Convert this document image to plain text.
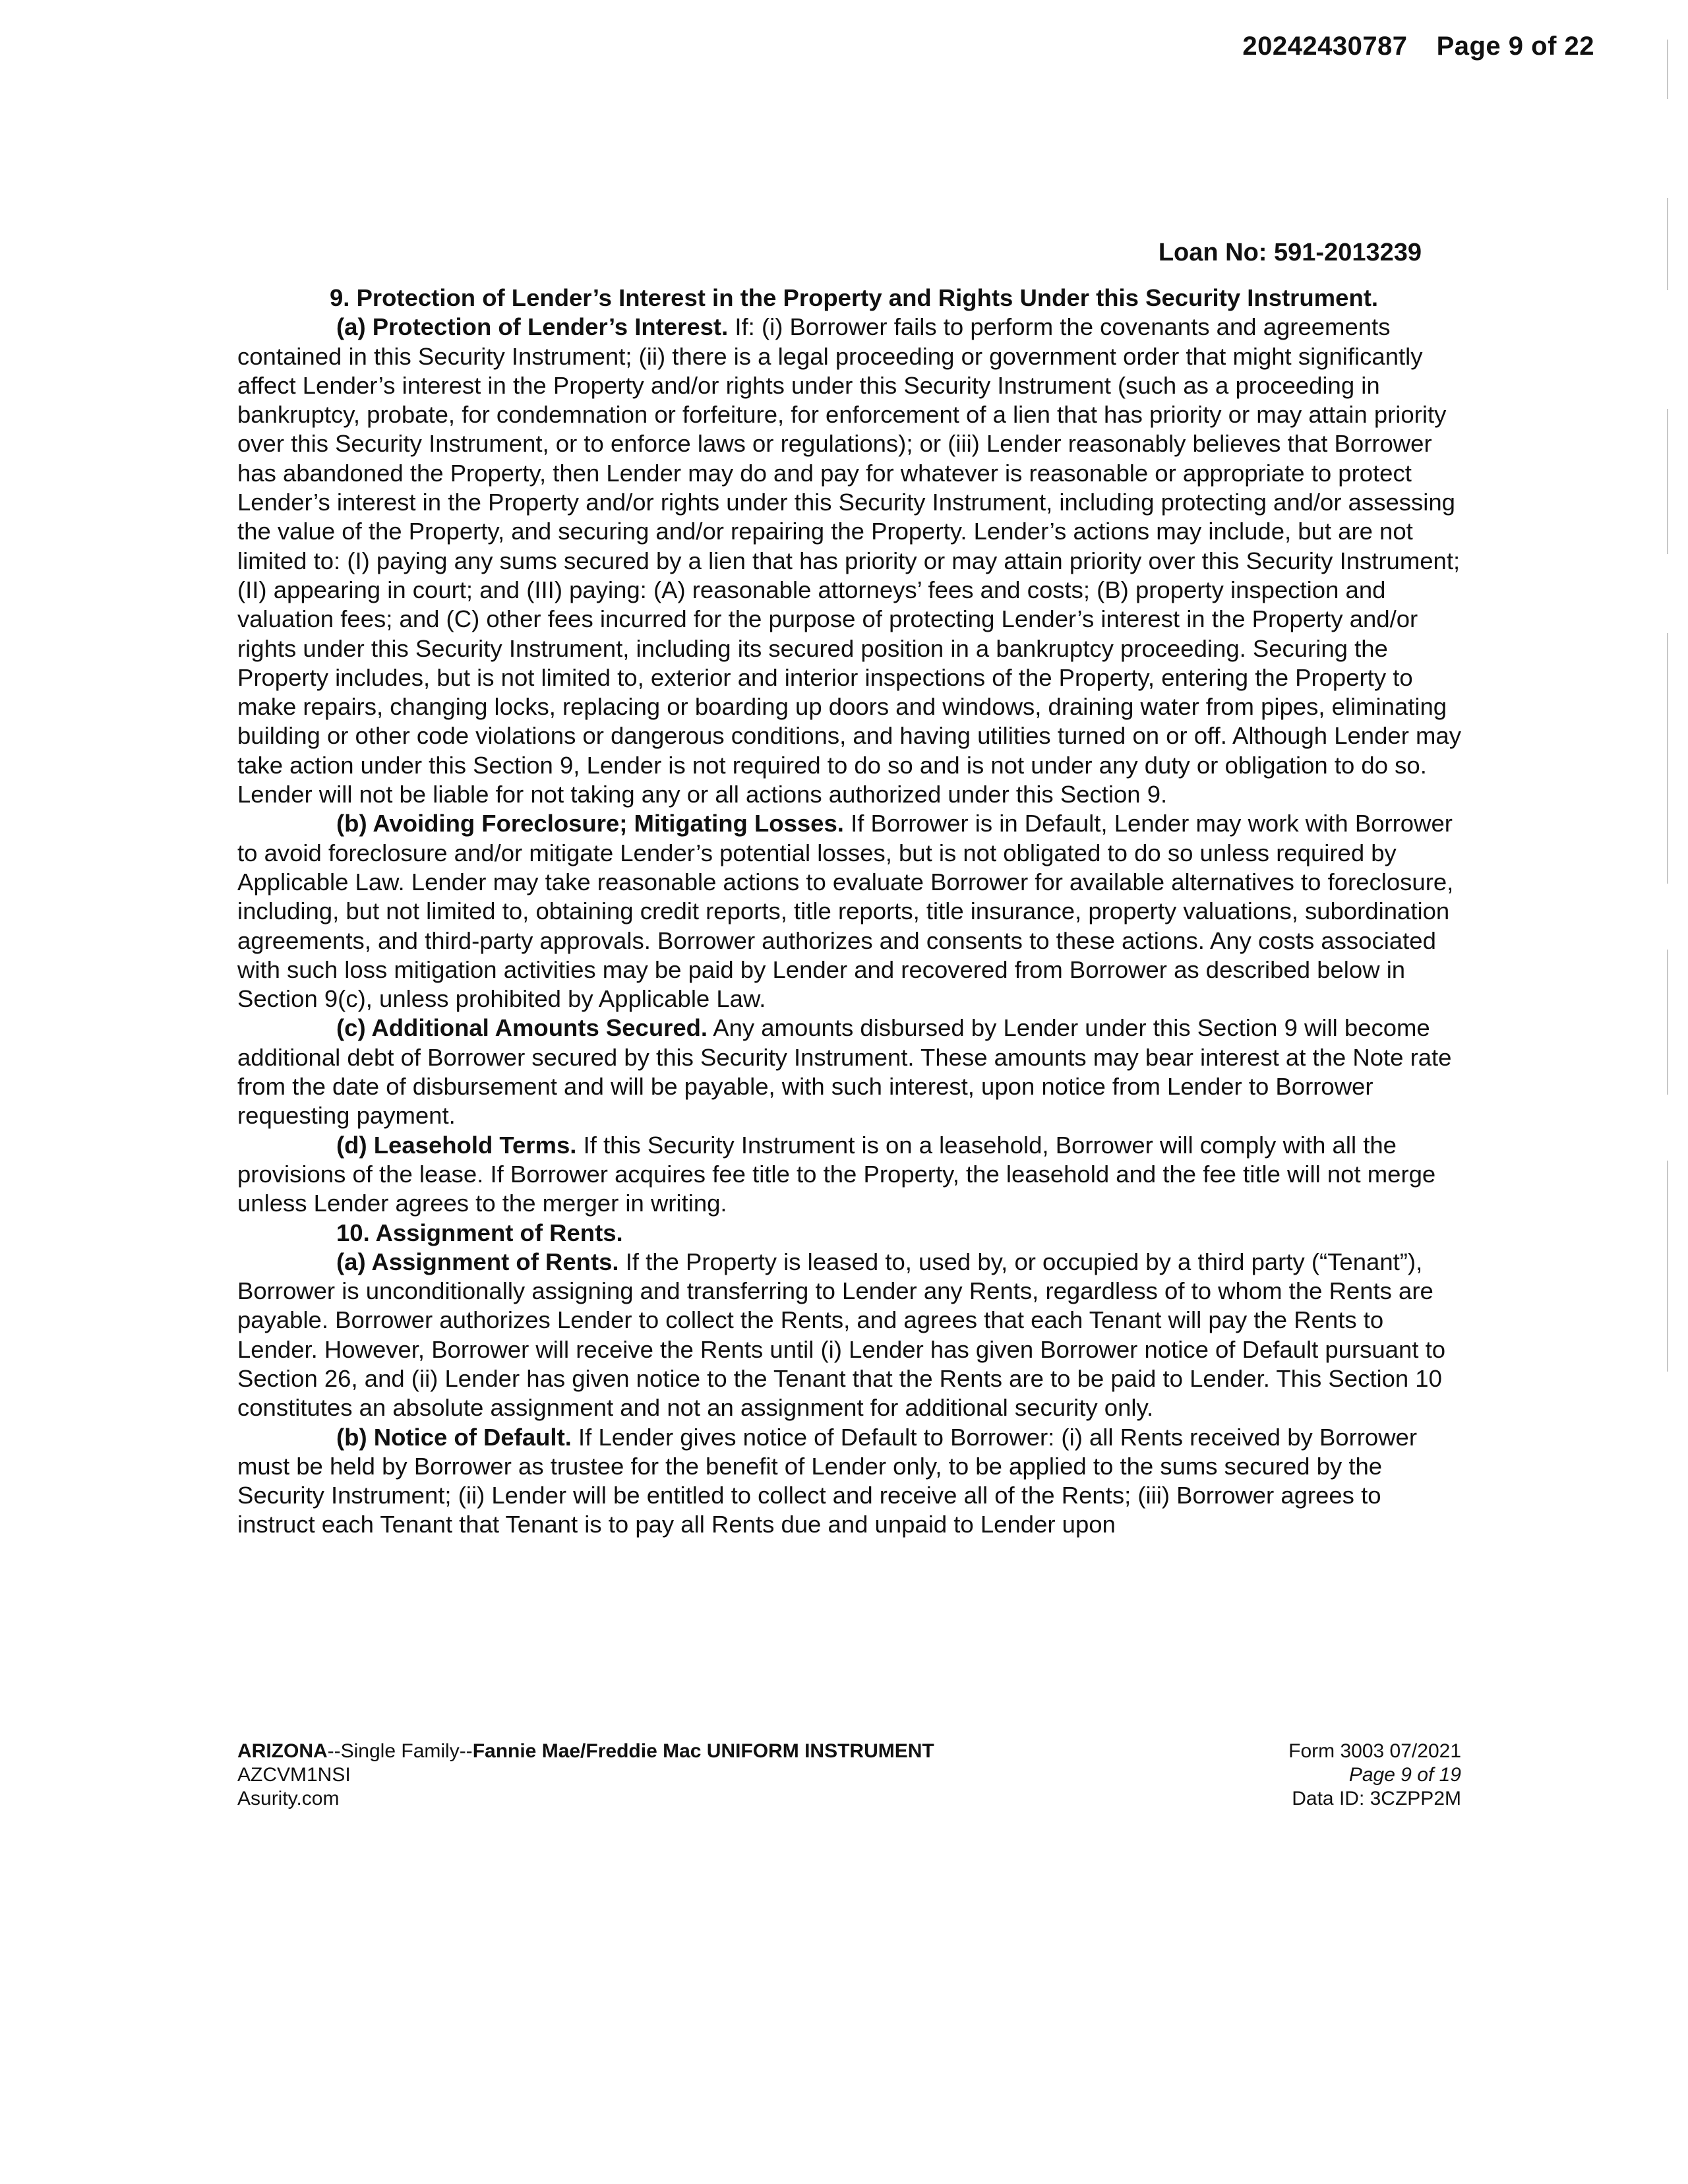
20242430787 Page 9 of 22
Loan No: 591-2013239

9. Protection of Lender’s Interest in the Property and Rights Under this Security Instrument.

(a) Protection of Lender’s Interest. If: (i) Borrower fails to perform the covenants and agreements contained in this Security Instrument; (ii) there is a legal proceeding or government order that might significantly affect Lender’s interest in the Property and/or rights under this Security Instrument (such as a proceeding in bankruptcy, probate, for condemnation or forfeiture, for enforcement of a lien that has priority or may attain priority over this Security Instrument, or to enforce laws or regulations); or (iii) Lender reasonably believes that Borrower has abandoned the Property, then Lender may do and pay for whatever is reasonable or appropriate to protect Lender’s interest in the Property and/or rights under this Security Instrument, including protecting and/or assessing the value of the Property, and securing and/or repairing the Property. Lender’s actions may include, but are not limited to: (I) paying any sums secured by a lien that has priority or may attain priority over this Security Instrument; (II) appearing in court; and (III) paying: (A) reasonable attorneys’ fees and costs; (B) property inspection and valuation fees; and (C) other fees incurred for the purpose of protecting Lender’s interest in the Property and/or rights under this Security Instrument, including its secured position in a bankruptcy proceeding. Securing the Property includes, but is not limited to, exterior and interior inspections of the Property, entering the Property to make repairs, changing locks, replacing or boarding up doors and windows, draining water from pipes, eliminating building or other code violations or dangerous conditions, and having utilities turned on or off. Although Lender may take action under this Section 9, Lender is not required to do so and is not under any duty or obligation to do so. Lender will not be liable for not taking any or all actions authorized under this Section 9.

(b) Avoiding Foreclosure; Mitigating Losses. If Borrower is in Default, Lender may work with Borrower to avoid foreclosure and/or mitigate Lender’s potential losses, but is not obligated to do so unless required by Applicable Law. Lender may take reasonable actions to evaluate Borrower for available alternatives to foreclosure, including, but not limited to, obtaining credit reports, title reports, title insurance, property valuations, subordination agreements, and third-party approvals. Borrower authorizes and consents to these actions. Any costs associated with such loss mitigation activities may be paid by Lender and recovered from Borrower as described below in Section 9(c), unless prohibited by Applicable Law.

(c) Additional Amounts Secured. Any amounts disbursed by Lender under this Section 9 will become additional debt of Borrower secured by this Security Instrument. These amounts may bear interest at the Note rate from the date of disbursement and will be payable, with such interest, upon notice from Lender to Borrower requesting payment.

(d) Leasehold Terms. If this Security Instrument is on a leasehold, Borrower will comply with all the provisions of the lease. If Borrower acquires fee title to the Property, the leasehold and the fee title will not merge unless Lender agrees to the merger in writing.

10. Assignment of Rents.

(a) Assignment of Rents. If the Property is leased to, used by, or occupied by a third party (“Tenant”), Borrower is unconditionally assigning and transferring to Lender any Rents, regardless of to whom the Rents are payable. Borrower authorizes Lender to collect the Rents, and agrees that each Tenant will pay the Rents to Lender. However, Borrower will receive the Rents until (i) Lender has given Borrower notice of Default pursuant to Section 26, and (ii) Lender has given notice to the Tenant that the Rents are to be paid to Lender. This Section 10 constitutes an absolute assignment and not an assignment for additional security only.

(b) Notice of Default. If Lender gives notice of Default to Borrower: (i) all Rents received by Borrower must be held by Borrower as trustee for the benefit of Lender only, to be applied to the sums secured by the Security Instrument; (ii) Lender will be entitled to collect and receive all of the Rents; (iii) Borrower agrees to instruct each Tenant that Tenant is to pay all Rents due and unpaid to Lender upon

ARIZONA--Single Family--Fannie Mae/Freddie Mac UNIFORM INSTRUMENT
AZCVM1NSI
Asurity.com
Form 3003 07/2021
Page 9 of 19
Data ID: 3CZPP2M
